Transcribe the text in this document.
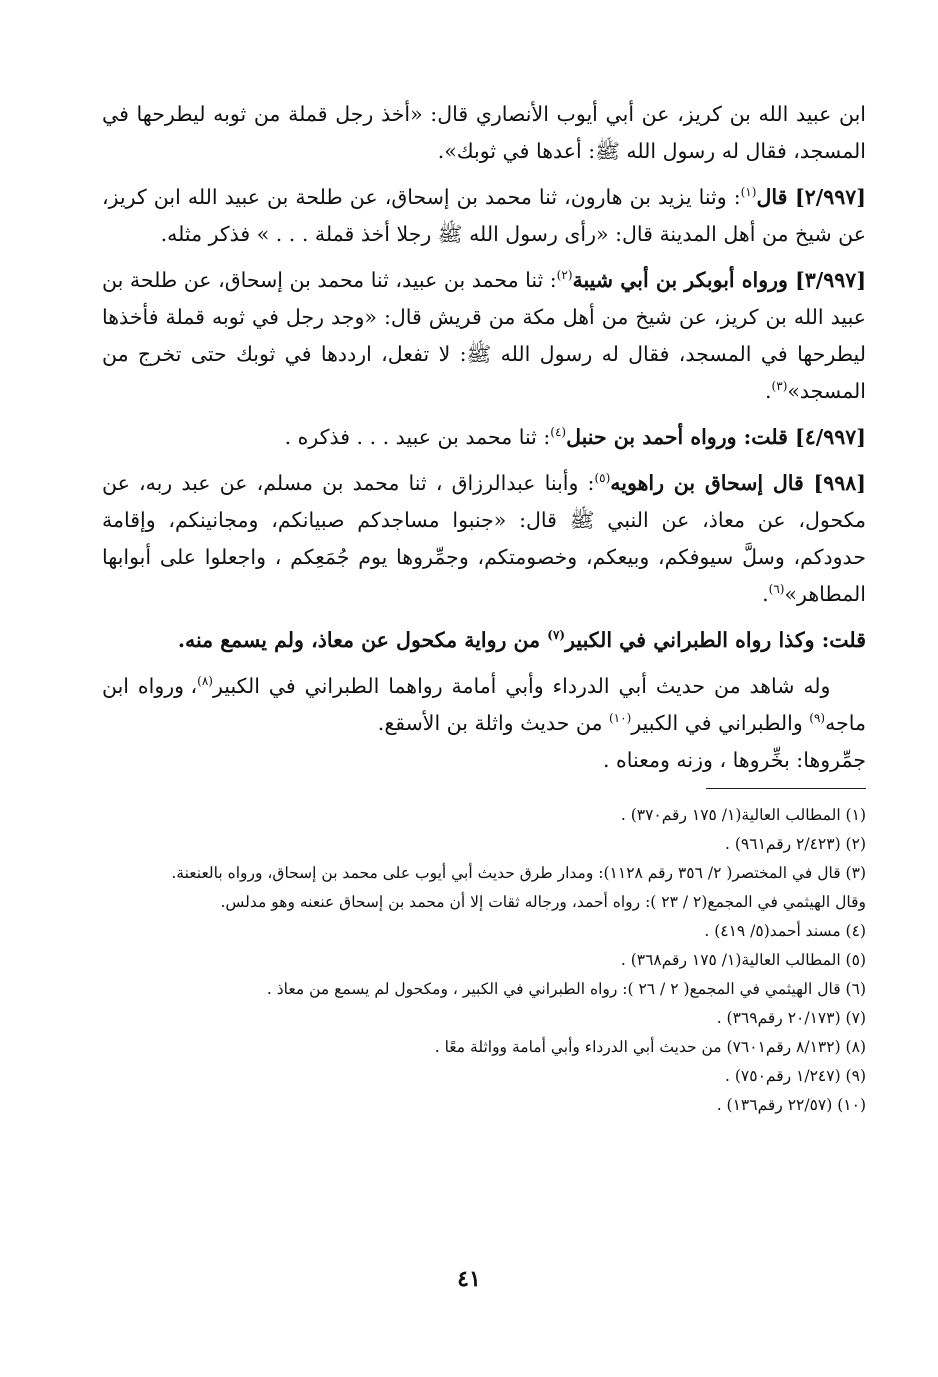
ابن عبيد الله بن كريز، عن أبي أيوب الأنصاري قال: «أخذ رجل قملة من ثوبه ليطرحها في المسجد، فقال له رسول الله ﷺ: أعدها في ثوبك».

[٢/٩٩٧] قال$^{(١)}$: وثنا يزيد بن هارون، ثنا محمد بن إسحاق، عن طلحة بن عبيد الله ابن كريز، عن شيخ من أهل المدينة قال: «رأى رسول الله ﷺ رجلا أخذ قملة . . . » فذكر مثله.

[٣/٩٩٧] ورواه أبوبكر بن أبي شيبة$^{(٢)}$: ثنا محمد بن عبيد، ثنا محمد بن إسحاق، عن طلحة بن عبيد الله بن كريز، عن شيخ من أهل مكة من قريش قال: «وجد رجل في ثوبه قملة فأخذها ليطرحها في المسجد، فقال له رسول الله ﷺ: لا تفعل، ارددها في ثوبك حتى تخرج من المسجد»$^{(٣)}$.

[٤/٩٩٧] قلت: ورواه أحمد بن حنبل$^{(٤)}$: ثنا محمد بن عبيد . . . فذكره .

[٩٩٨] قال إسحاق بن راهويه$^{(٥)}$: وأبنا عبدالرزاق ، ثنا محمد بن مسلم، عن عبد ربه، عن مكحول، عن معاذ، عن النبي ﷺ قال: «جنبوا مساجدكم صبيانكم، ومجانينكم، وإقامة حدودكم، وسلَّ سيوفكم، وبيعكم، وخصومتكم، وجمِّروها يوم جُمَعِكم ، واجعلوا على أبوابها المطاهر»$^{(٦)}$.

قلت: وكذا رواه الطبراني في الكبير$^{(٧)}$ من رواية مكحول عن معاذ، ولم يسمع منه.

وله شاهد من حديث أبي الدرداء وأبي أمامة رواهما الطبراني في الكبير$^{(٨)}$، ورواه ابن ماجه$^{(٩)}$ والطبراني في الكبير$^{(١٠)}$ من حديث واثلة بن الأسقع.

جمِّروها: بخِّروها ، وزنه ومعناه .

(١) المطالب العالية(١/ ١٧٥ رقم٣٧٠) .
(٢) (٢/٤٢٣ رقم٩٦١) .
(٣) قال في المختصر( ٢/ ٣٥٦ رقم ١١٢٨): ومدار طرق حديث أبي أيوب على محمد بن إسحاق، ورواه بالعنعنة.
وقال الهيثمي في المجمع(٢ / ٢٣ ): رواه أحمد، ورجاله ثقات إلا أن محمد بن إسحاق عنعنه وهو مدلس.
(٤) مسند أحمد(٥/ ٤١٩) .
(٥) المطالب العالية(١/ ١٧٥ رقم٣٦٨) .
(٦) قال الهيثمي في المجمع( ٢ / ٢٦ ): رواه الطبراني في الكبير ، ومكحول لم يسمع من معاذ .
(٧) (٢٠/١٧٣ رقم٣٦٩) .
(٨) (٨/١٣٢ رقم٧٦٠١) من حديث أبي الدرداء وأبي أمامة وواثلة معًا .
(٩) (١/٢٤٧ رقم٧٥٠) .
(١٠) (٢٢/٥٧ رقم١٣٦) .
٤١
